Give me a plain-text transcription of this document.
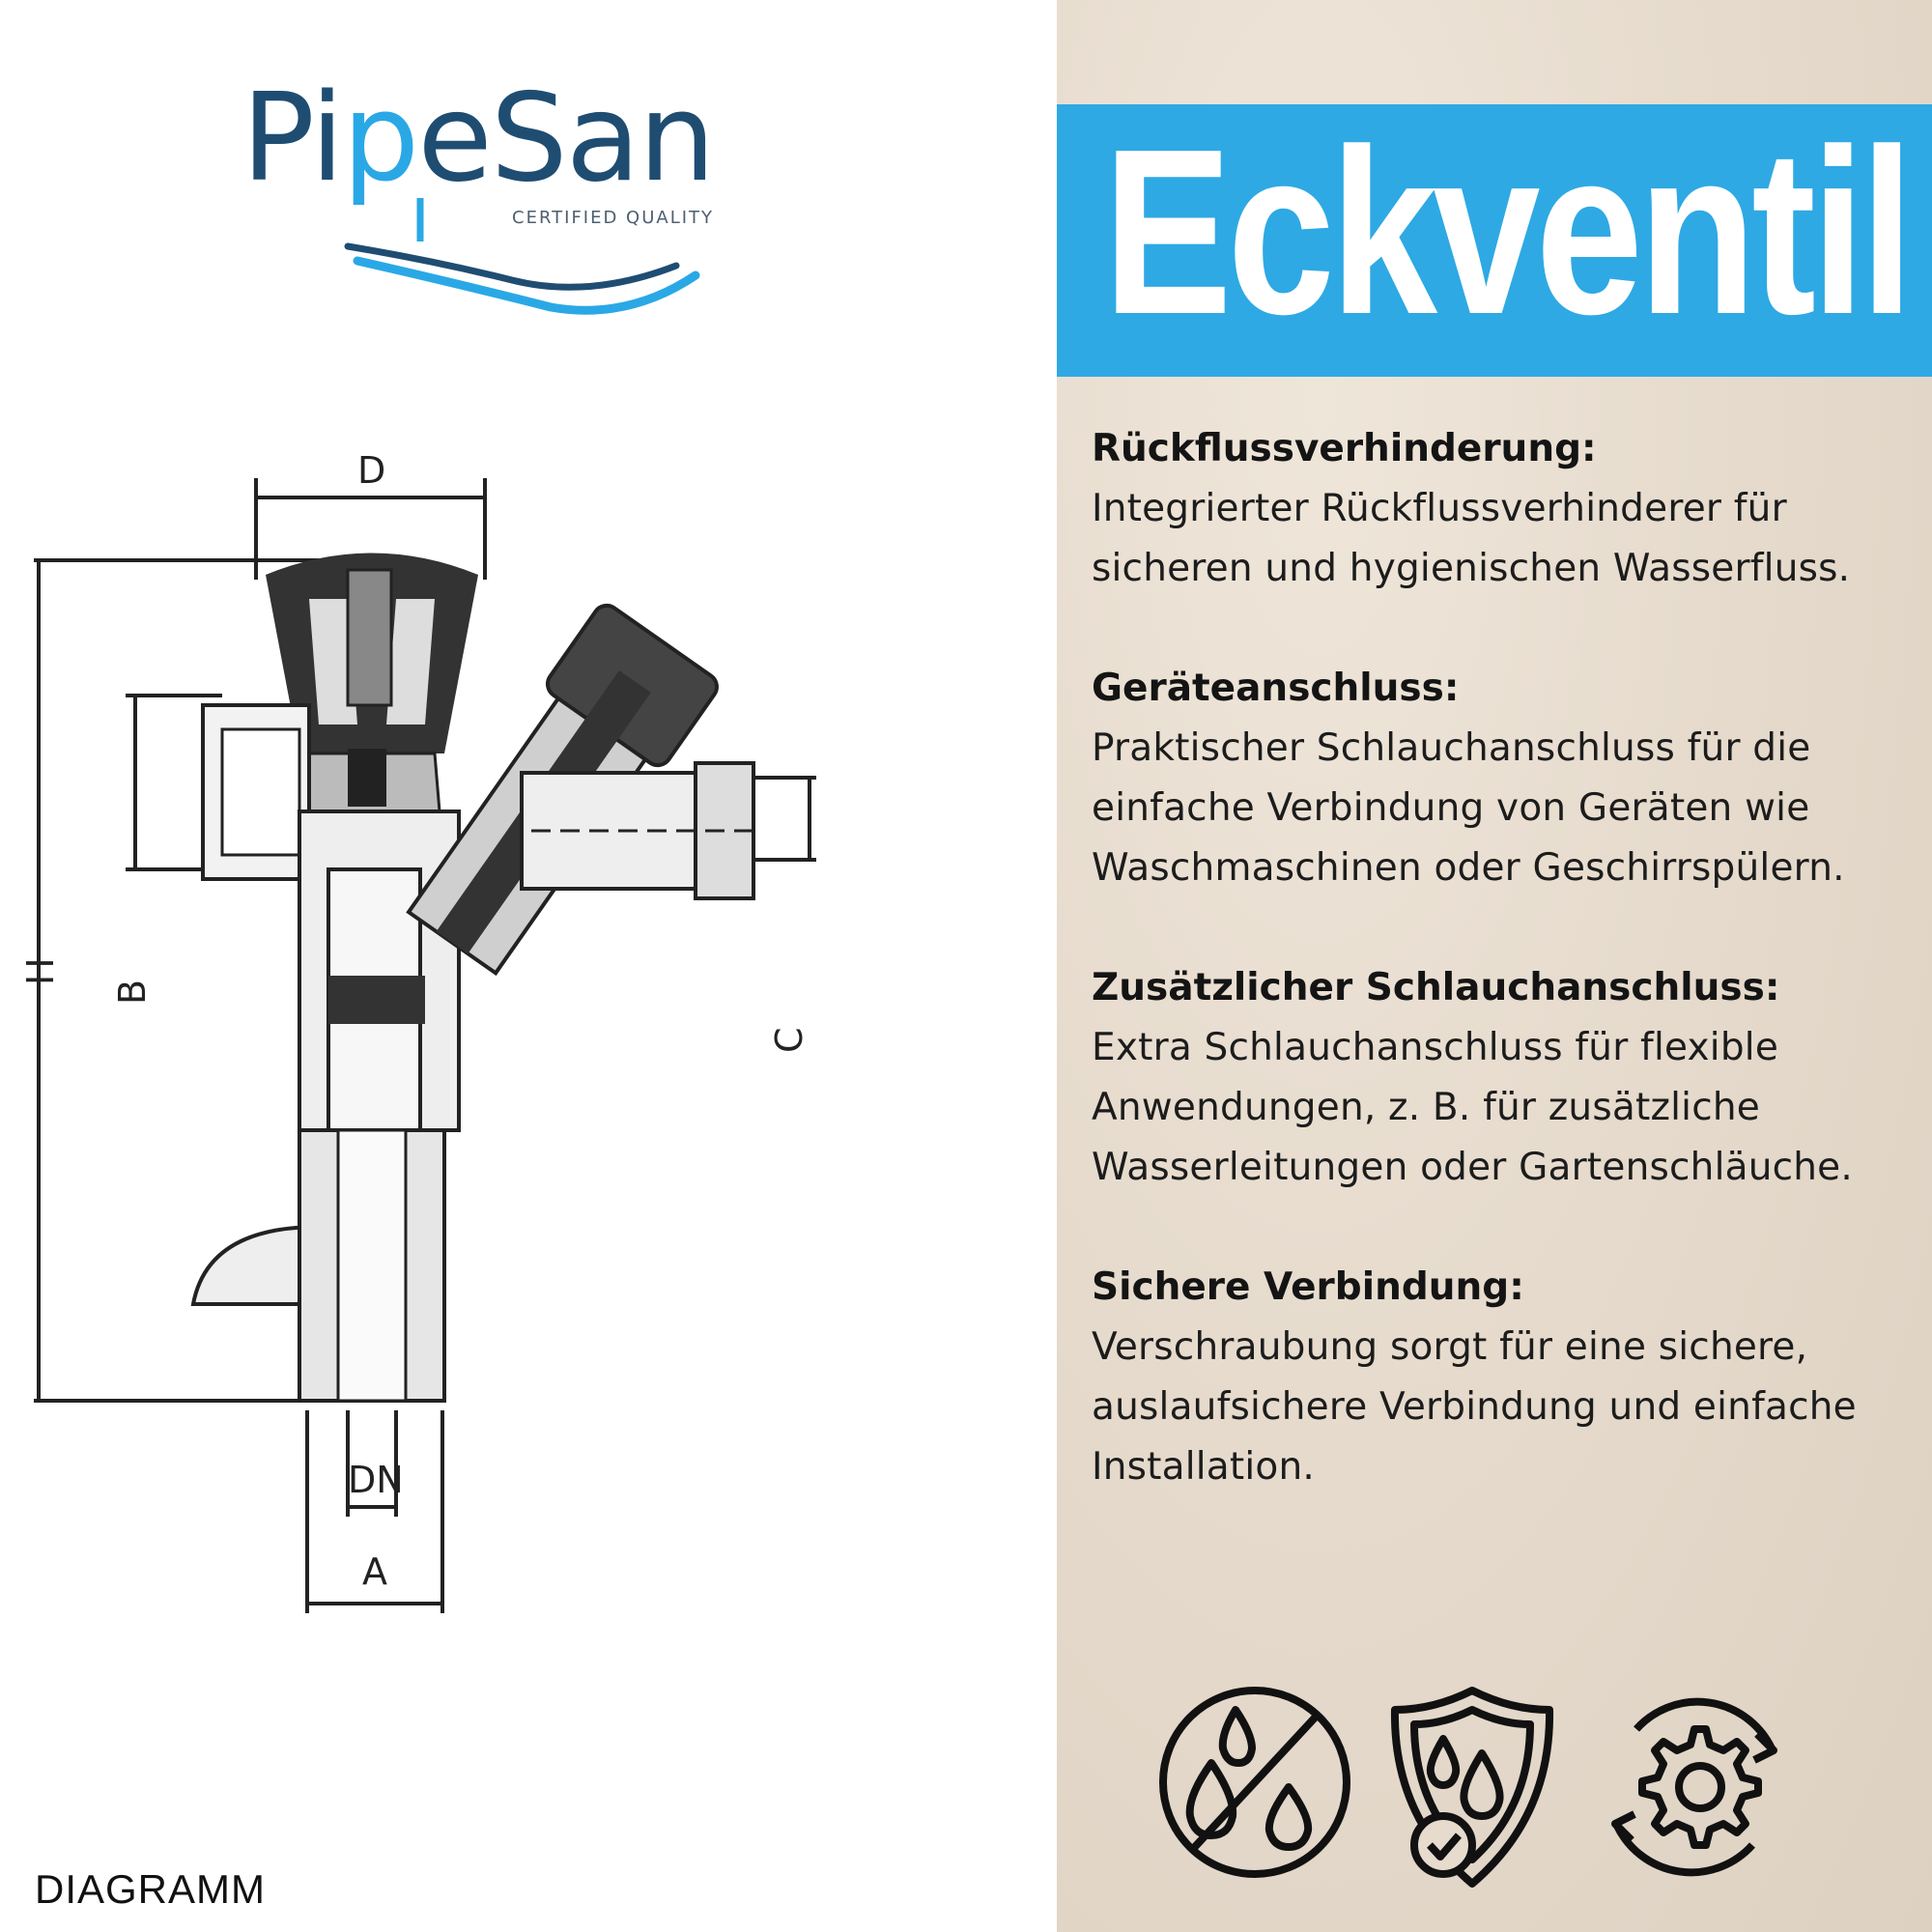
PipeSan
CERTIFIED QUALITY
D
H
B
C
DN
A
DIAGRAMM
Eckventil
Rückflussverhinderung:

Integrierter Rückflussverhinderer für sicheren und hygienischen Wasserfluss.

Geräteanschluss:

Praktischer Schlauchanschluss für die einfache Verbindung von Geräten wie Waschmaschinen oder Geschirrspülern.

Zusätzlicher Schlauchanschluss:

Extra Schlauchanschluss für flexible Anwendungen, z. B. für zusätzliche Wasserleitungen oder Gartenschläuche.

Sichere Verbindung:

Verschraubung sorgt für eine sichere, auslaufsichere Verbindung und einfache Installation.
